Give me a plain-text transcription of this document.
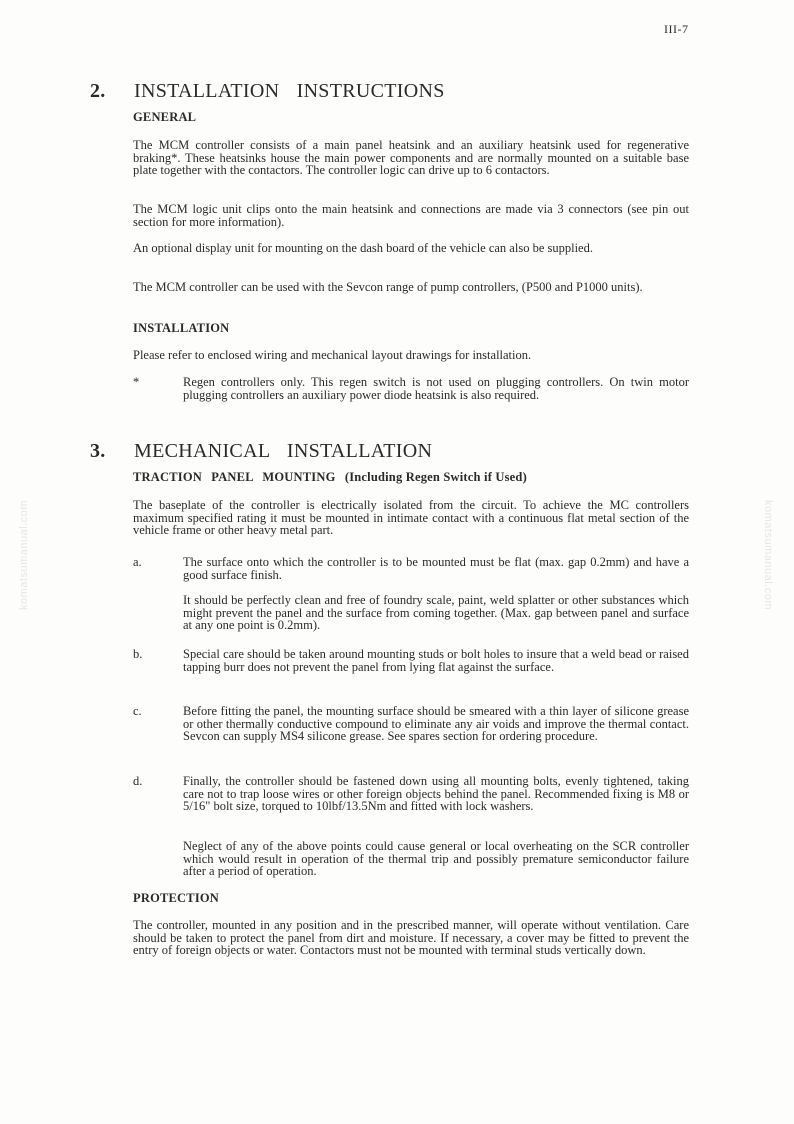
III-7
komatsumanual.com	komatsumanual.com
2. INSTALLATION INSTRUCTIONS
GENERAL

The MCM controller consists of a main panel heatsink and an auxiliary heatsink used for regenerative braking*. These heatsinks house the main power components and are normally mounted on a suitable base plate together with the contactors. The controller logic can drive up to 6 contactors.

The MCM logic unit clips onto the main heatsink and connections are made via 3 connectors (see pin out section for more information).

An optional display unit for mounting on the dash board of the vehicle can also be supplied.

The MCM controller can be used with the Sevcon range of pump controllers, (P500 and P1000 units).

INSTALLATION

Please refer to enclosed wiring and mechanical layout drawings for installation.

*	Regen controllers only. This regen switch is not used on plugging controllers. On twin motor plugging controllers an auxiliary power diode heatsink is also required.

3. MECHANICAL INSTALLATION
TRACTION PANEL MOUNTING (Including Regen Switch if Used)

The baseplate of the controller is electrically isolated from the circuit. To achieve the MC controllers maximum specified rating it must be mounted in intimate contact with a continuous flat metal section of the vehicle frame or other heavy metal part.

a.	The surface onto which the controller is to be mounted must be flat (max. gap 0.2mm) and have a good surface finish.

It should be perfectly clean and free of foundry scale, paint, weld splatter or other substances which might prevent the panel and the surface from coming together. (Max. gap between panel and surface at any one point is 0.2mm).

b.	Special care should be taken around mounting studs or bolt holes to insure that a weld bead or raised tapping burr does not prevent the panel from lying flat against the surface.

c.	Before fitting the panel, the mounting surface should be smeared with a thin layer of silicone grease or other thermally conductive compound to eliminate any air voids and improve the thermal contact. Sevcon can supply MS4 silicone grease. See spares section for ordering procedure.

d.	Finally, the controller should be fastened down using all mounting bolts, evenly tightened, taking care not to trap loose wires or other foreign objects behind the panel. Recommended fixing is M8 or 5/16" bolt size, torqued to 10lbf/13.5Nm and fitted with lock washers.

Neglect of any of the above points could cause general or local overheating on the SCR controller which would result in operation of the thermal trip and possibly premature semiconductor failure after a period of operation.

PROTECTION

The controller, mounted in any position and in the prescribed manner, will operate without ventilation. Care should be taken to protect the panel from dirt and moisture. If necessary, a cover may be fitted to prevent the entry of foreign objects or water. Contactors must not be mounted with terminal studs vertically down.
